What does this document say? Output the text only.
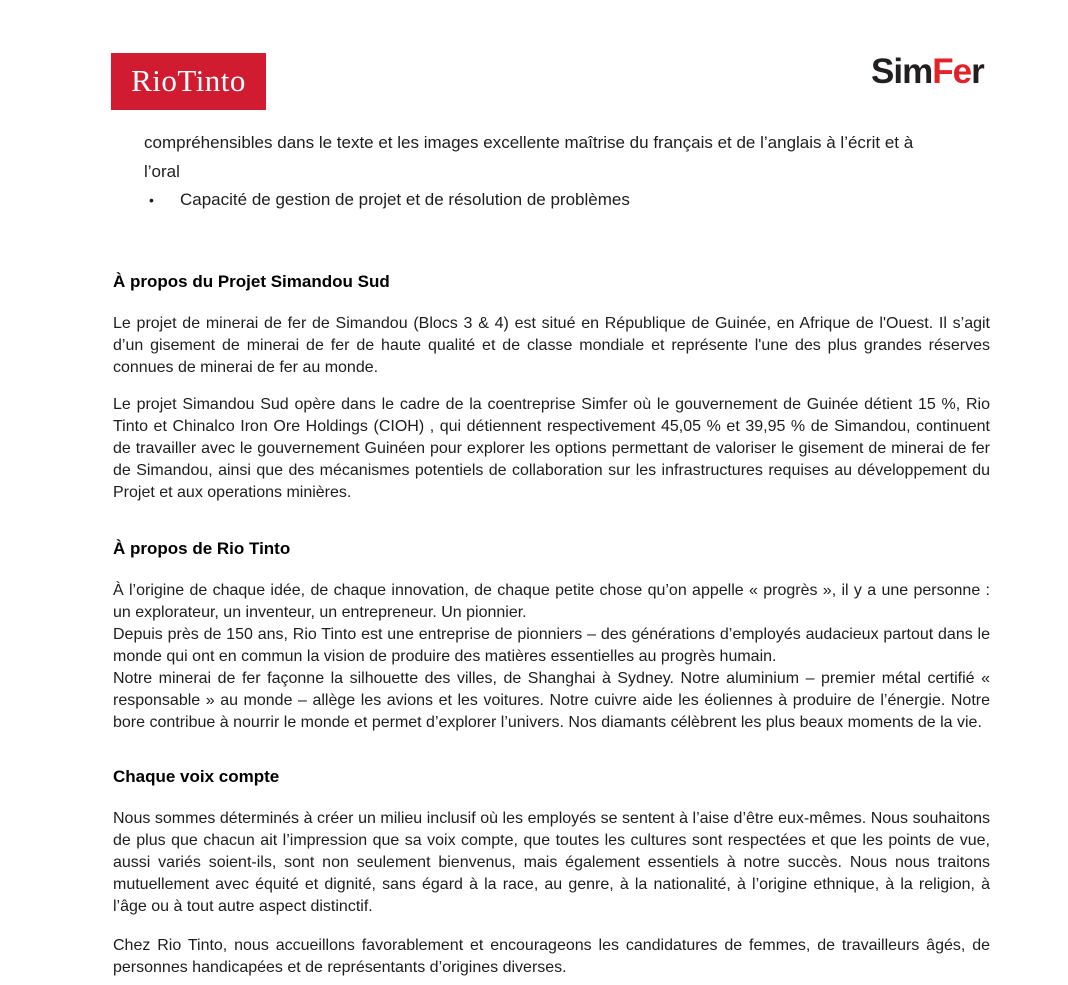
RioTinto	SimFer
compréhensibles dans le texte et les images excellente maîtrise du français et de l’anglais à l’écrit et à
l’oral
•	Capacité de gestion de projet et de résolution de problèmes
À propos du Projet Simandou Sud

Le projet de minerai de fer de Simandou (Blocs 3 & 4) est situé en République de Guinée, en Afrique de l'Ouest. Il s’agit d’un gisement de minerai de fer de haute qualité et de classe mondiale et représente l'une des plus grandes réserves connues de minerai de fer au monde.

Le projet Simandou Sud opère dans le cadre de la coentreprise Simfer où le gouvernement de Guinée détient 15 %, Rio Tinto et Chinalco Iron Ore Holdings (CIOH) , qui détiennent respectivement 45,05 % et 39,95 % de Simandou, continuent de travailler avec le gouvernement Guinéen pour explorer les options permettant de valoriser le gisement de minerai de fer de Simandou, ainsi que des mécanismes potentiels de collaboration sur les infrastructures requises au développement du Projet et aux operations minières.

À propos de Rio Tinto

À l’origine de chaque idée, de chaque innovation, de chaque petite chose qu’on appelle « progrès », il y a une personne : un explorateur, un inventeur, un entrepreneur. Un pionnier.
Depuis près de 150 ans, Rio Tinto est une entreprise de pionniers – des générations d’employés audacieux partout dans le monde qui ont en commun la vision de produire des matières essentielles au progrès humain.
Notre minerai de fer façonne la silhouette des villes, de Shanghai à Sydney. Notre aluminium – premier métal certifié « responsable » au monde – allège les avions et les voitures. Notre cuivre aide les éoliennes à produire de l’énergie. Notre bore contribue à nourrir le monde et permet d’explorer l’univers. Nos diamants célèbrent les plus beaux moments de la vie.

Chaque voix compte

Nous sommes déterminés à créer un milieu inclusif où les employés se sentent à l’aise d’être eux-mêmes. Nous souhaitons de plus que chacun ait l’impression que sa voix compte, que toutes les cultures sont respectées et que les points de vue, aussi variés soient-ils, sont non seulement bienvenus, mais également essentiels à notre succès. Nous nous traitons mutuellement avec équité et dignité, sans égard à la race, au genre, à la nationalité, à l’origine ethnique, à la religion, à l’âge ou à tout autre aspect distinctif.

Chez Rio Tinto, nous accueillons favorablement et encourageons les candidatures de femmes, de travailleurs âgés, de personnes handicapées et de représentants d’origines diverses.
